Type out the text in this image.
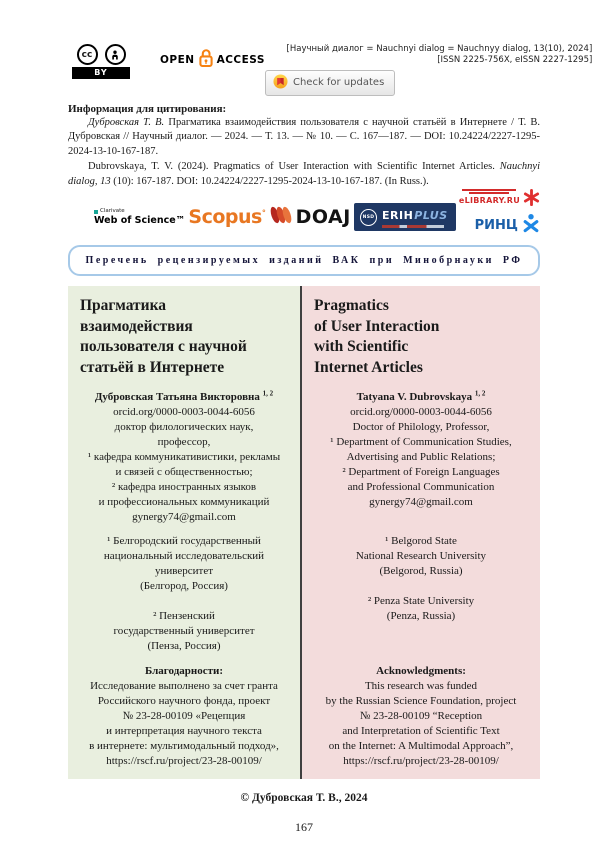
cc
BY
OPEN ACCESS
[Научный диалог = Nauchnyi dialog = Nauchnyy dialog, 13(10), 2024]
[ISSN 2225-756X, eISSN 2227-1295]
Check for updates
Информация для цитирования:

Дубровская Т. В. Прагматика взаимодействия пользователя с научной статьёй в Интернете / Т. В. Дубровская // Научный диалог. — 2024. — Т. 13. — № 10. — С. 167—187. — DOI: 10.24224/2227-1295-2024-13-10-167-187.

Dubrovskaya, T. V. (2024). Pragmatics of User Interaction with Scientific Internet Articles. Nauchnyi dialog, 13 (10): 167-187. DOI: 10.24224/2227-1295-2024-13-10-167-187. (In Russ.).

Clarivate
Web of Science™ Scopus° DOAJ	NSD ERIHPLUS
eLIBRARY.RU
РИНЦ
Перечень рецензируемых изданий ВАК при Минобрнауки РФ
Прагматика
взаимодействия
пользователя с научной
статьёй в Интернете
Дубровская Татьяна Викторовна $^{1, 2}$
orcid.org/0000-0003-0044-6056
доктор филологических наук,
профессор,
¹ кафедра коммуникативистики, рекламы
и связей с общественностью;
² кафедра иностранных языков
и профессиональных коммуникаций
gynergy74@gmail.com
¹ Белгородский государственный
национальный исследовательский
университет
(Белгород, Россия)

² Пензенский
государственный университет
(Пенза, Россия)
Благодарности:
Исследование выполнено за счет гранта
Российского научного фонда, проект
№ 23-28-00109 «Рецепция
и интерпретация научного текста
в интернете: мультимодальный подход»,
https://rscf.ru/project/23-28-00109/
Pragmatics
of User Interaction
with Scientific
Internet Articles
Tatyana V. Dubrovskaya $^{1, 2}$
orcid.org/0000-0003-0044-6056
Doctor of Philology, Professor,
¹ Department of Communication Studies,
Advertising and Public Relations;
² Department of Foreign Languages
and Professional Communication
gynergy74@gmail.com
¹ Belgorod State
National Research University
(Belgorod, Russia)

² Penza State University
(Penza, Russia)
Acknowledgments:
This research was funded
by the Russian Science Foundation, project
№ 23-28-00109 “Reception
and Interpretation of Scientific Text
on the Internet: A Multimodal Approach”,
https://rscf.ru/project/23-28-00109/
© Дубровская Т. В., 2024
167
